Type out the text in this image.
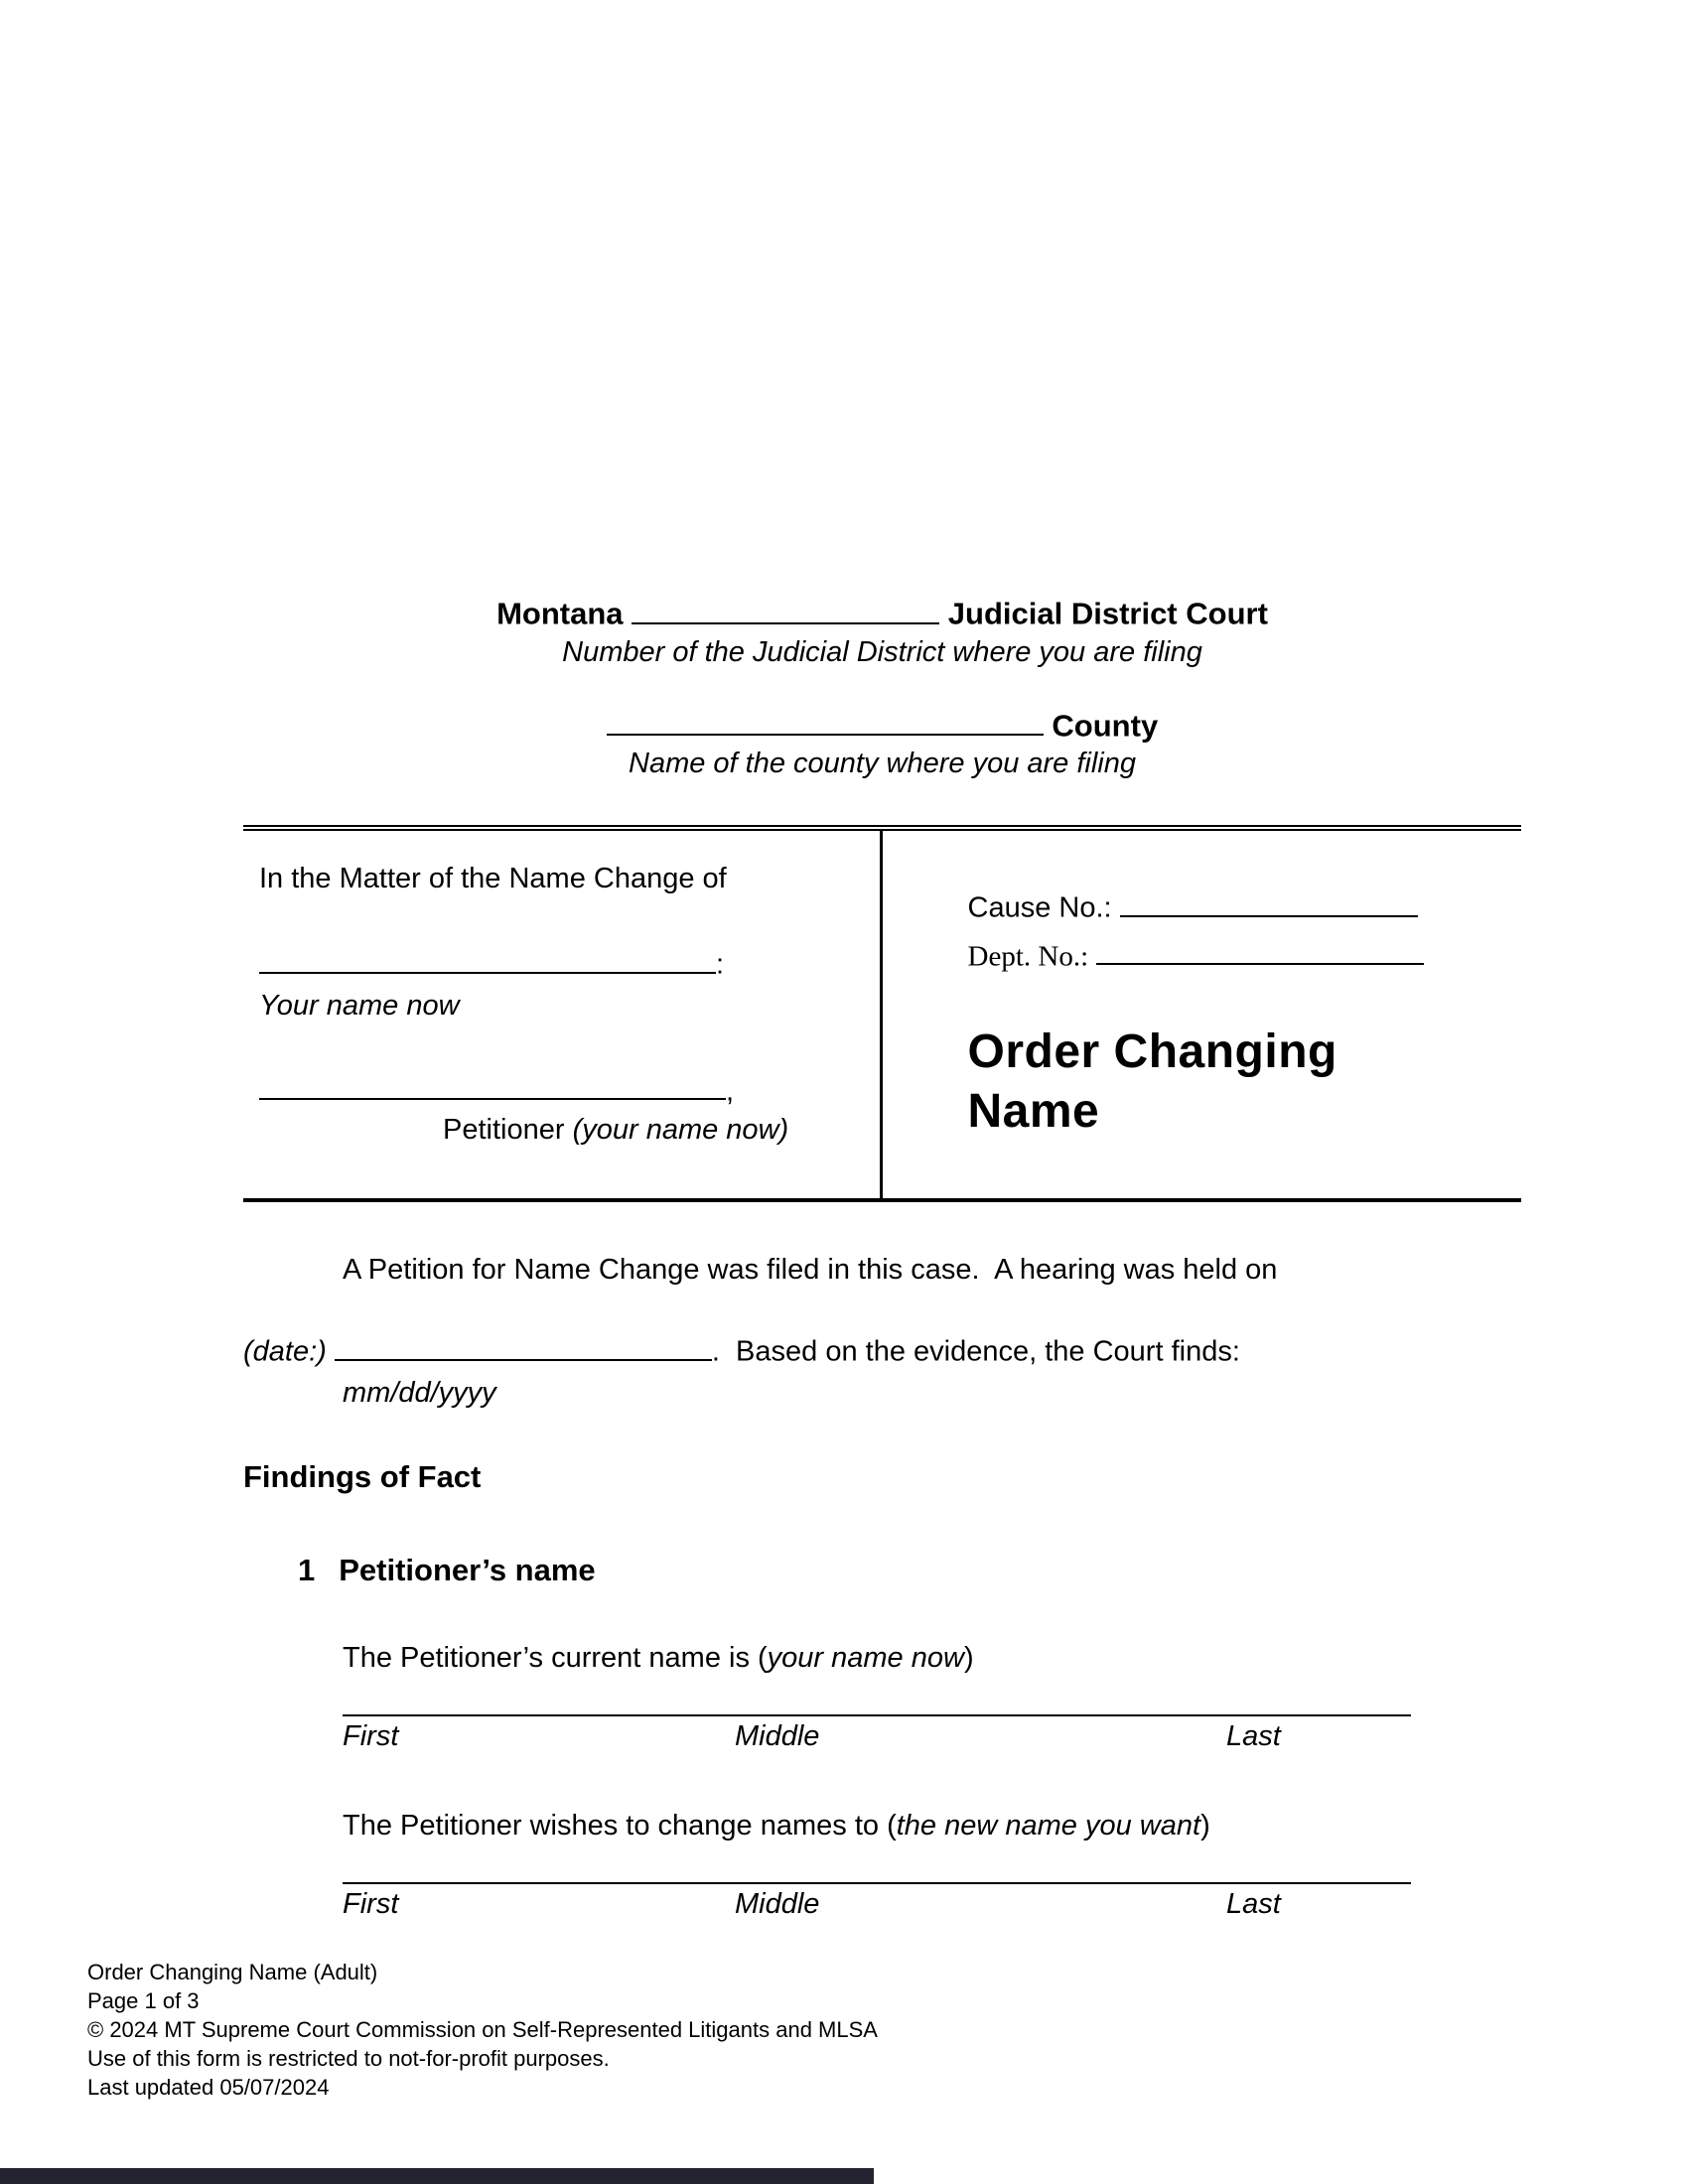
Montana	Judicial District Court
Number of the Judicial District where you are filing
County
Name of the county where you are filing
In the Matter of the Name Change of
:
Your name now
,
Petitioner (your name now)
Cause No.:
Dept. No.:
Order Changing Name

A Petition for Name Change was filed in this case.  A hearing was held on

(date:)	.  Based on the evidence, the Court finds:

mm/dd/yyyy
Findings of Fact
1 Petitioner’s name

The Petitioner’s current name is (your name now)

First	Middle	Last

The Petitioner wishes to change names to (the new name you want)

First	Middle	Last
Order Changing Name (Adult)
Page 1 of 3
© 2024 MT Supreme Court Commission on Self-Represented Litigants and MLSA
Use of this form is restricted to not-for-profit purposes.
Last updated 05/07/2024
